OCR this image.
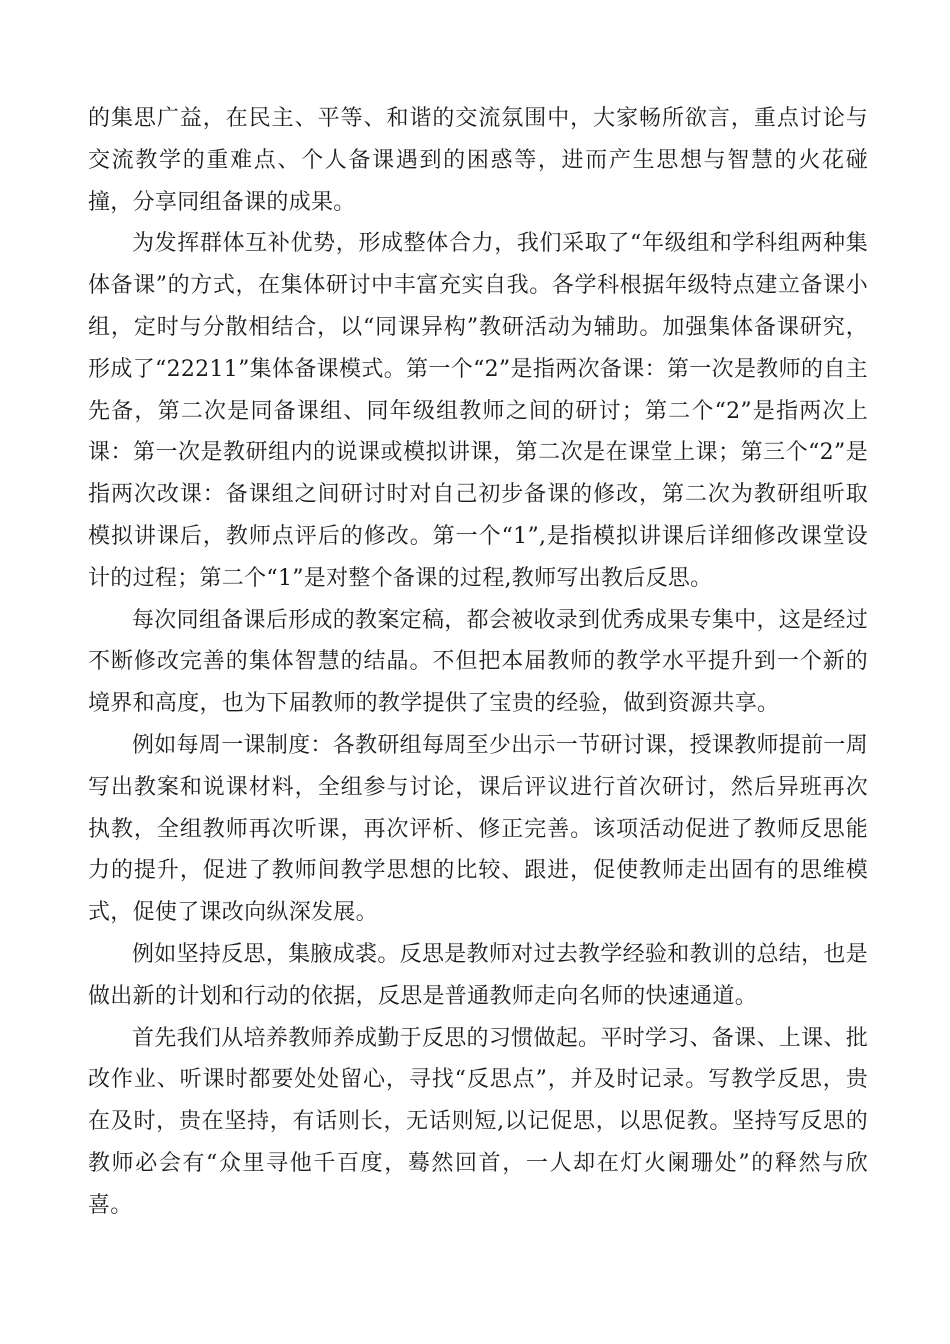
的集思广益，在民主、平等、和谐的交流氛围中，大家畅所欲言，重点讨论与交流教学的重难点、个人备课遇到的困惑等，进而产生思想与智慧的火花碰撞，分享同组备课的成果。

为发挥群体互补优势，形成整体合力，我们采取了“年级组和学科组两种集体备课”的方式，在集体研讨中丰富充实自我。各学科根据年级特点建立备课小组，定时与分散相结合，以“同课异构”教研活动为辅助。加强集体备课研究，形成了“22211”集体备课模式。第一个“2”是指两次备课：第一次是教师的自主先备，第二次是同备课组、同年级组教师之间的研讨；第二个“2”是指两次上课：第一次是教研组内的说课或模拟讲课，第二次是在课堂上课；第三个“2”是指两次改课：备课组之间研讨时对自己初步备课的修改，第二次为教研组听取模拟讲课后，教师点评后的修改。第一个“1”,是指模拟讲课后详细修改课堂设计的过程；第二个“1”是对整个备课的过程,教师写出教后反思。

每次同组备课后形成的教案定稿，都会被收录到优秀成果专集中，这是经过不断修改完善的集体智慧的结晶。不但把本届教师的教学水平提升到一个新的境界和高度，也为下届教师的教学提供了宝贵的经验，做到资源共享。

例如每周一课制度：各教研组每周至少出示一节研讨课，授课教师提前一周写出教案和说课材料，全组参与讨论，课后评议进行首次研讨，然后异班再次执教，全组教师再次听课，再次评析、修正完善。该项活动促进了教师反思能力的提升，促进了教师间教学思想的比较、跟进，促使教师走出固有的思维模式，促使了课改向纵深发展。

例如坚持反思，集腋成裘。反思是教师对过去教学经验和教训的总结，也是做出新的计划和行动的依据，反思是普通教师走向名师的快速通道。

首先我们从培养教师养成勤于反思的习惯做起。平时学习、备课、上课、批改作业、听课时都要处处留心，寻找“反思点”，并及时记录。写教学反思，贵在及时，贵在坚持，有话则长，无话则短,以记促思，以思促教。坚持写反思的教师必会有“众里寻他千百度，蓦然回首，一人却在灯火阑珊处”的释然与欣喜。
